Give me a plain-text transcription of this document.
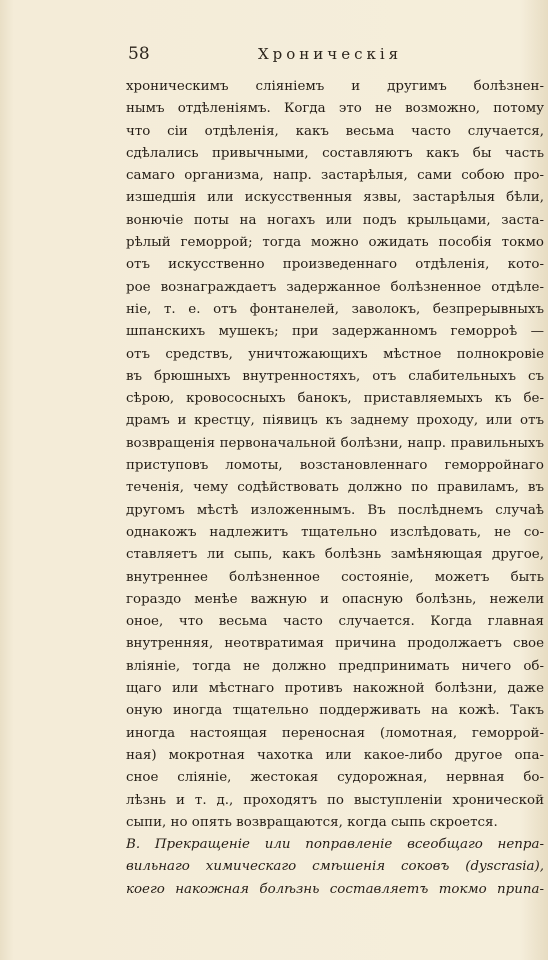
58	Хроническія
хроническимъ сліяніемъ и другимъ болѣзнен-
нымъ отдѣленіямъ. Когда это не возможно, потому
что сіи отдѣленія, какъ весьма часто случается,
сдѣлались привычными, составляютъ какъ бы часть
самаго организма, напр. застарѣлыя, сами собою про-
изшедшія или искусственныя язвы, застарѣлыя бѣли,
вонючіе поты на ногахъ или подъ крыльцами, заста-
рѣлый геморрой; тогда можно ожидать пособія токмо
отъ искусственно произведеннаго отдѣленія, кото-
рое вознаграждаетъ задержанное болѣзненное отдѣле-
ніе, т. е. отъ фонтанелей, заволокъ, безпрерывныхъ
шпанскихъ мушекъ; при задержанномъ геморроѣ —
отъ средствъ, уничтожающихъ мѣстное полнокровіе
въ брюшныхъ внутренностяхъ, отъ слабительныхъ съ
сѣрою, кровососныхъ банокъ, приставляемыхъ къ бе-
драмъ и крестцу, піявицъ къ заднему проходу, или отъ
возвращенія первоначальной болѣзни, напр. правильныхъ
приступовъ ломоты, возстановленнаго геморройнаго
теченія, чему содѣйствовать должно по правиламъ, въ
другомъ мѣстѣ изложеннымъ. Въ послѣднемъ случаѣ
однакожъ надлежитъ тщательно изслѣдовать, не со-
ставляетъ ли сыпь, какъ болѣзнь замѣняющая другое,
внутреннее болѣзненное состояніе, можетъ быть
гораздо менѣе важную и опасную болѣзнь, нежели
оное, что весьма часто случается. Когда главная
внутренняя, неотвратимая причина продолжаетъ свое
вліяніе, тогда не должно предпринимать ничего об-
щаго или мѣстнаго противъ накожной болѣзни, даже
оную иногда тщательно поддерживать на кожѣ. Такъ
иногда настоящая переносная (ломотная, геморрой-
ная) мокротная чахотка или какое-либо другое опа-
сное сліяніе, жестокая судорожная, нервная бо-
лѣзнь и т. д., проходятъ по выступленіи хронической
сыпи, но опять возвращаются, когда сыпь скроется.
B. Прекращеніе или поправленіе всеобщаго непра-
вильнаго химическаго смѣшенія соковъ (dyscrasia),
коего накожная болѣзнь составляетъ токмо припа-
